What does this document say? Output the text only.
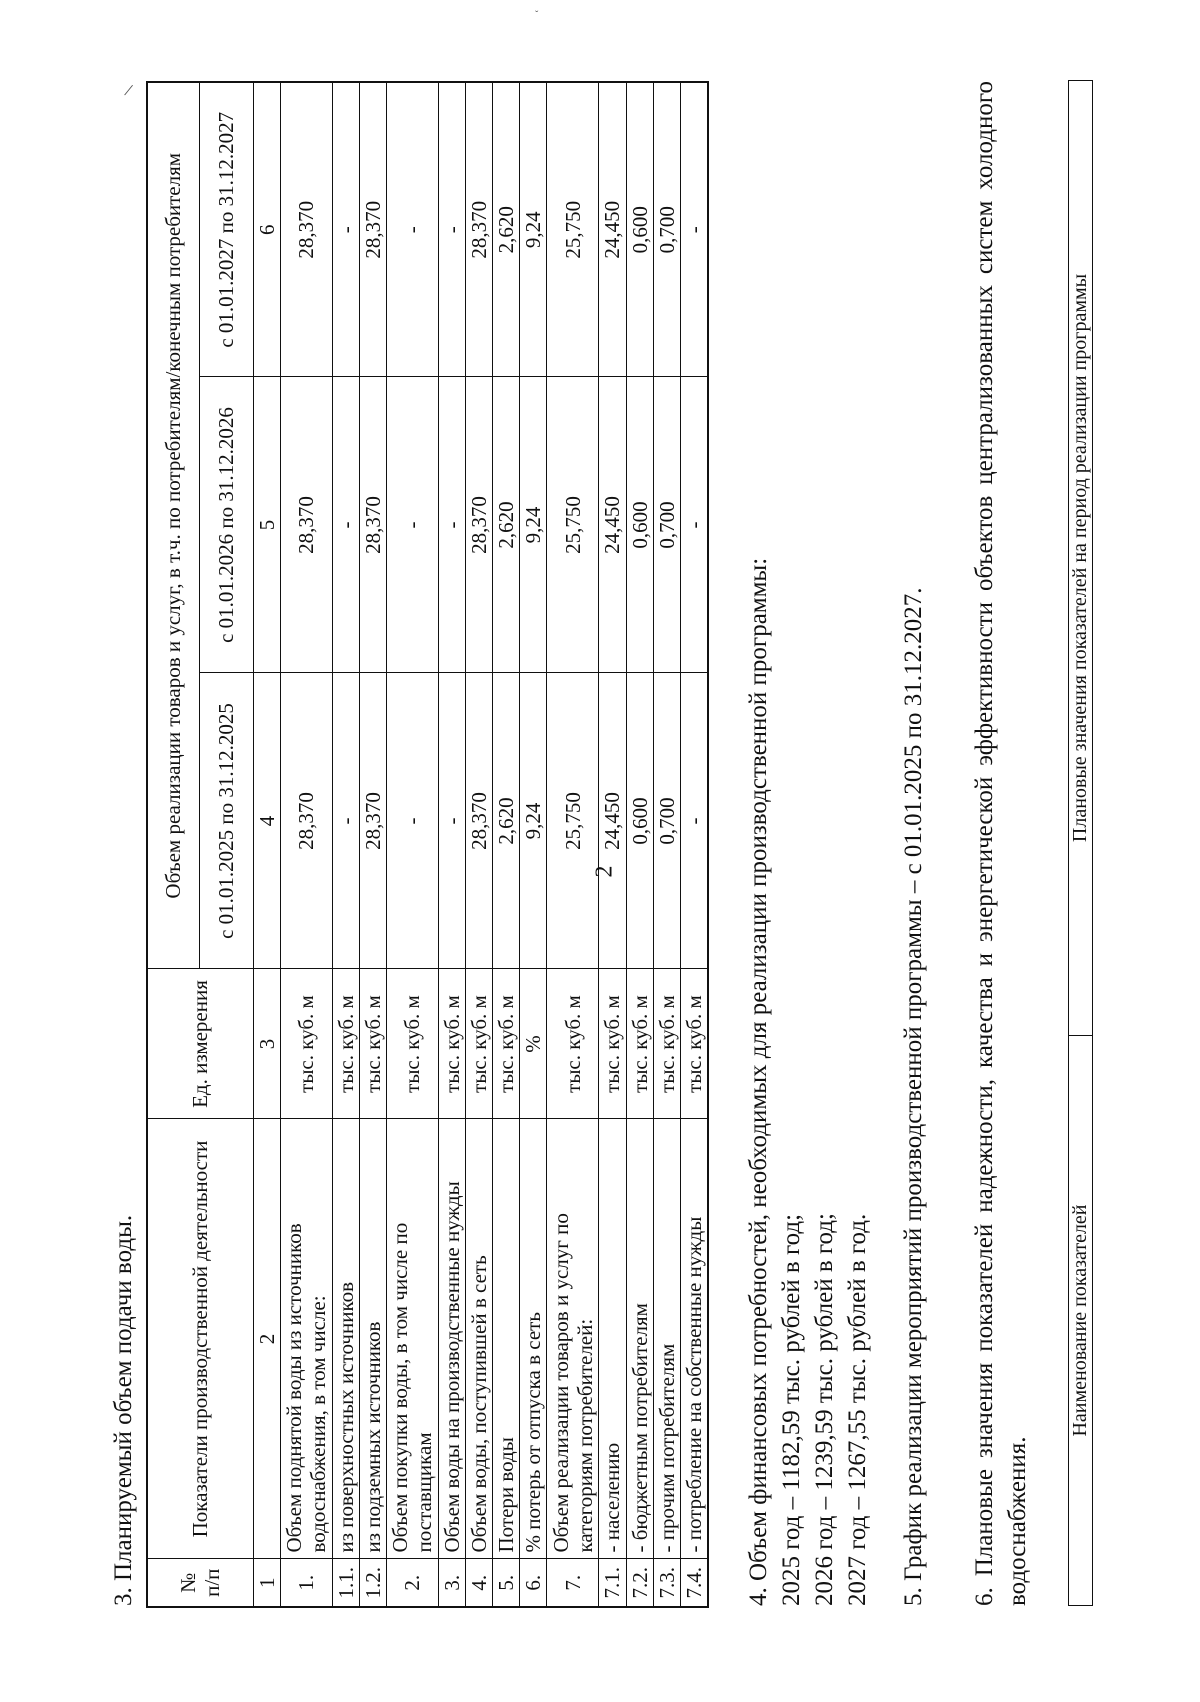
/
ˇ
2
3. Планируемый объем подачи воды. № п/п	Показатели производственной деятельности	Ед. измерения	Объем реализации товаров и услуг, в т.ч. по потребителям/конечным потребителям		
			с 01.01.2025 по 31.12.2025	с 01.01.2026 по 31.12.2026	с 01.01.2027 по 31.12.2027
1	2	3	4	5	6
1.	Объем поднятой воды из источников водоснабжения, в том числе:	тыс. куб. м	28,370	28,370	28,370
1.1.	из поверхностных источников	тыс. куб. м	-	-	-
1.2.	из подземных источников	тыс. куб. м	28,370	28,370	28,370
2.	Объем покупки воды, в том числе по поставщикам	тыс. куб. м	-	-	-
3.	Объем воды на производственные нужды	тыс. куб. м	-	-	-
4.	Объем воды, поступившей в сеть	тыс. куб. м	28,370	28,370	28,370
5.	Потери воды	тыс. куб. м	2,620	2,620	2,620
6.	% потерь от отпуска в сеть	%	9,24	9,24	9,24
7.	Объем реализации товаров и услуг по категориям потребителей:	тыс. куб. м	25,750	25,750	25,750
7.1.	- населению	тыс. куб. м	24,450	24,450	24,450
7.2.	- бюджетным потребителям	тыс. куб. м	0,600	0,600	0,600
7.3.	- прочим потребителям	тыс. куб. м	0,700	0,700	0,700
7.4.	- потребление на собственные нужды	тыс. куб. м	-	-	-
4. Объем финансовых потребностей, необходимых для реализации производственной программы: 2025 год – 1182,59 тыс. рублей в год; 2026 год – 1239,59 тыс. рублей в год; 2027 год – 1267,55 тыс. рублей в год. 5. График реализации мероприятий производственной программы – с 01.01.2025 по 31.12.2027. 6. Плановые значения показателей надежности, качества и энергетической эффективности объектов централизованных систем холодного водоснабжения.
Наименование показателей	Плановые значения показателей на период реализации программы
